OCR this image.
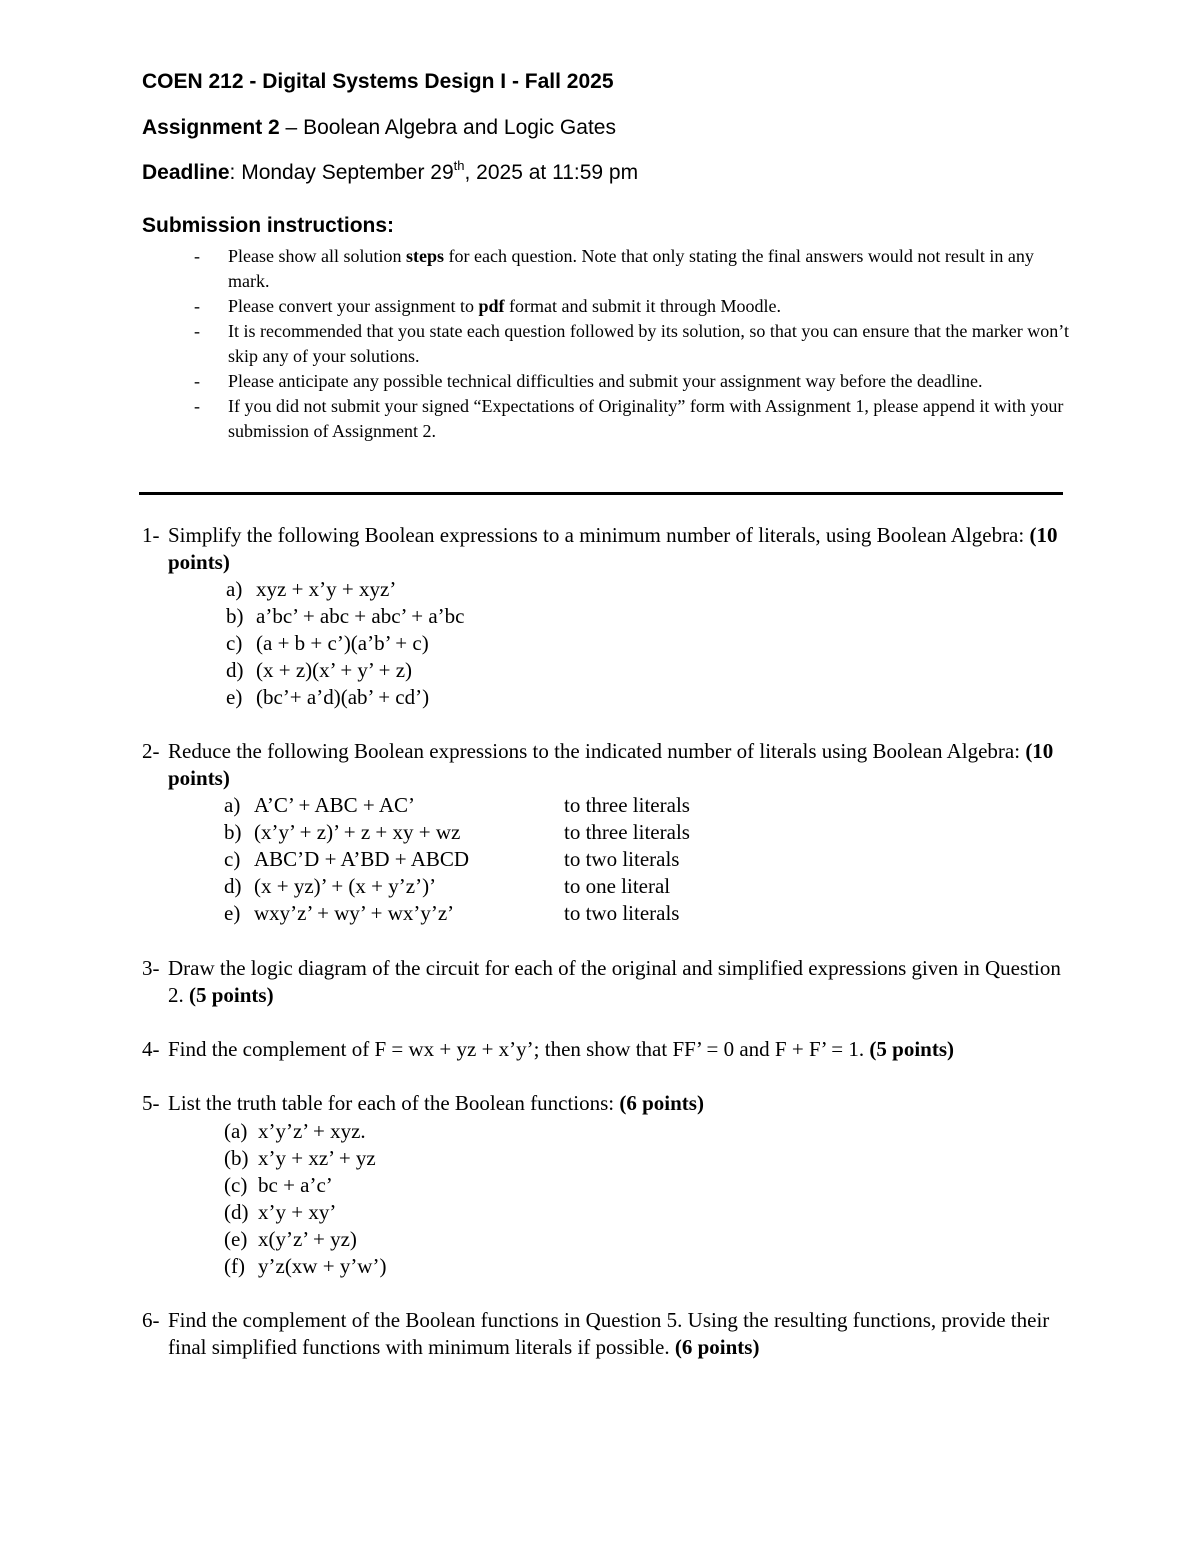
COEN 212 - Digital Systems Design I - Fall 2025
Assignment 2 – Boolean Algebra and Logic Gates
Deadline: Monday September 29th, 2025 at 11:59 pm
Submission instructions:
- Please show all solution steps for each question. Note that only stating the final answers would not result in any mark.
- Please convert your assignment to pdf format and submit it through Moodle.
- It is recommended that you state each question followed by its solution, so that you can ensure that the marker won’t skip any of your solutions.
- Please anticipate any possible technical difficulties and submit your assignment way before the deadline.
- If you did not submit your signed “Expectations of Originality” form with Assignment 1, please append it with your submission of Assignment 2.
1- Simplify the following Boolean expressions to a minimum number of literals, using Boolean Algebra: (10 points)
a) xyz + x’y + xyz’
b) a’bc’ + abc + abc’ + a’bc
c) (a + b + c’)(a’b’ + c)
d) (x + z)(x’ + y’ + z)
e) (bc’+ a’d)(ab’ + cd’)
2- Reduce the following Boolean expressions to the indicated number of literals using Boolean Algebra: (10 points)
a) A’C’ + ABC + AC’	to three literals
b) (x’y’ + z)’ + z + xy + wz	to three literals
c) ABC’D + A’BD + ABCD	to two literals
d) (x + yz)’ + (x + y’z’)’	to one literal
e) wxy’z’ + wy’ + wx’y’z’	to two literals
3- Draw the logic diagram of the circuit for each of the original and simplified expressions given in Question 2. (5 points)
4- Find the complement of F = wx + yz + x’y’; then show that FF’ = 0 and F + F’ = 1. (5 points)
5- List the truth table for each of the Boolean functions: (6 points)
(a) x’y’z’ + xyz.
(b) x’y + xz’ + yz
(c) bc + a’c’
(d) x’y + xy’
(e) x(y’z’ + yz)
(f) y’z(xw + y’w’)
6- Find the complement of the Boolean functions in Question 5. Using the resulting functions, provide their final simplified functions with minimum literals if possible. (6 points)
